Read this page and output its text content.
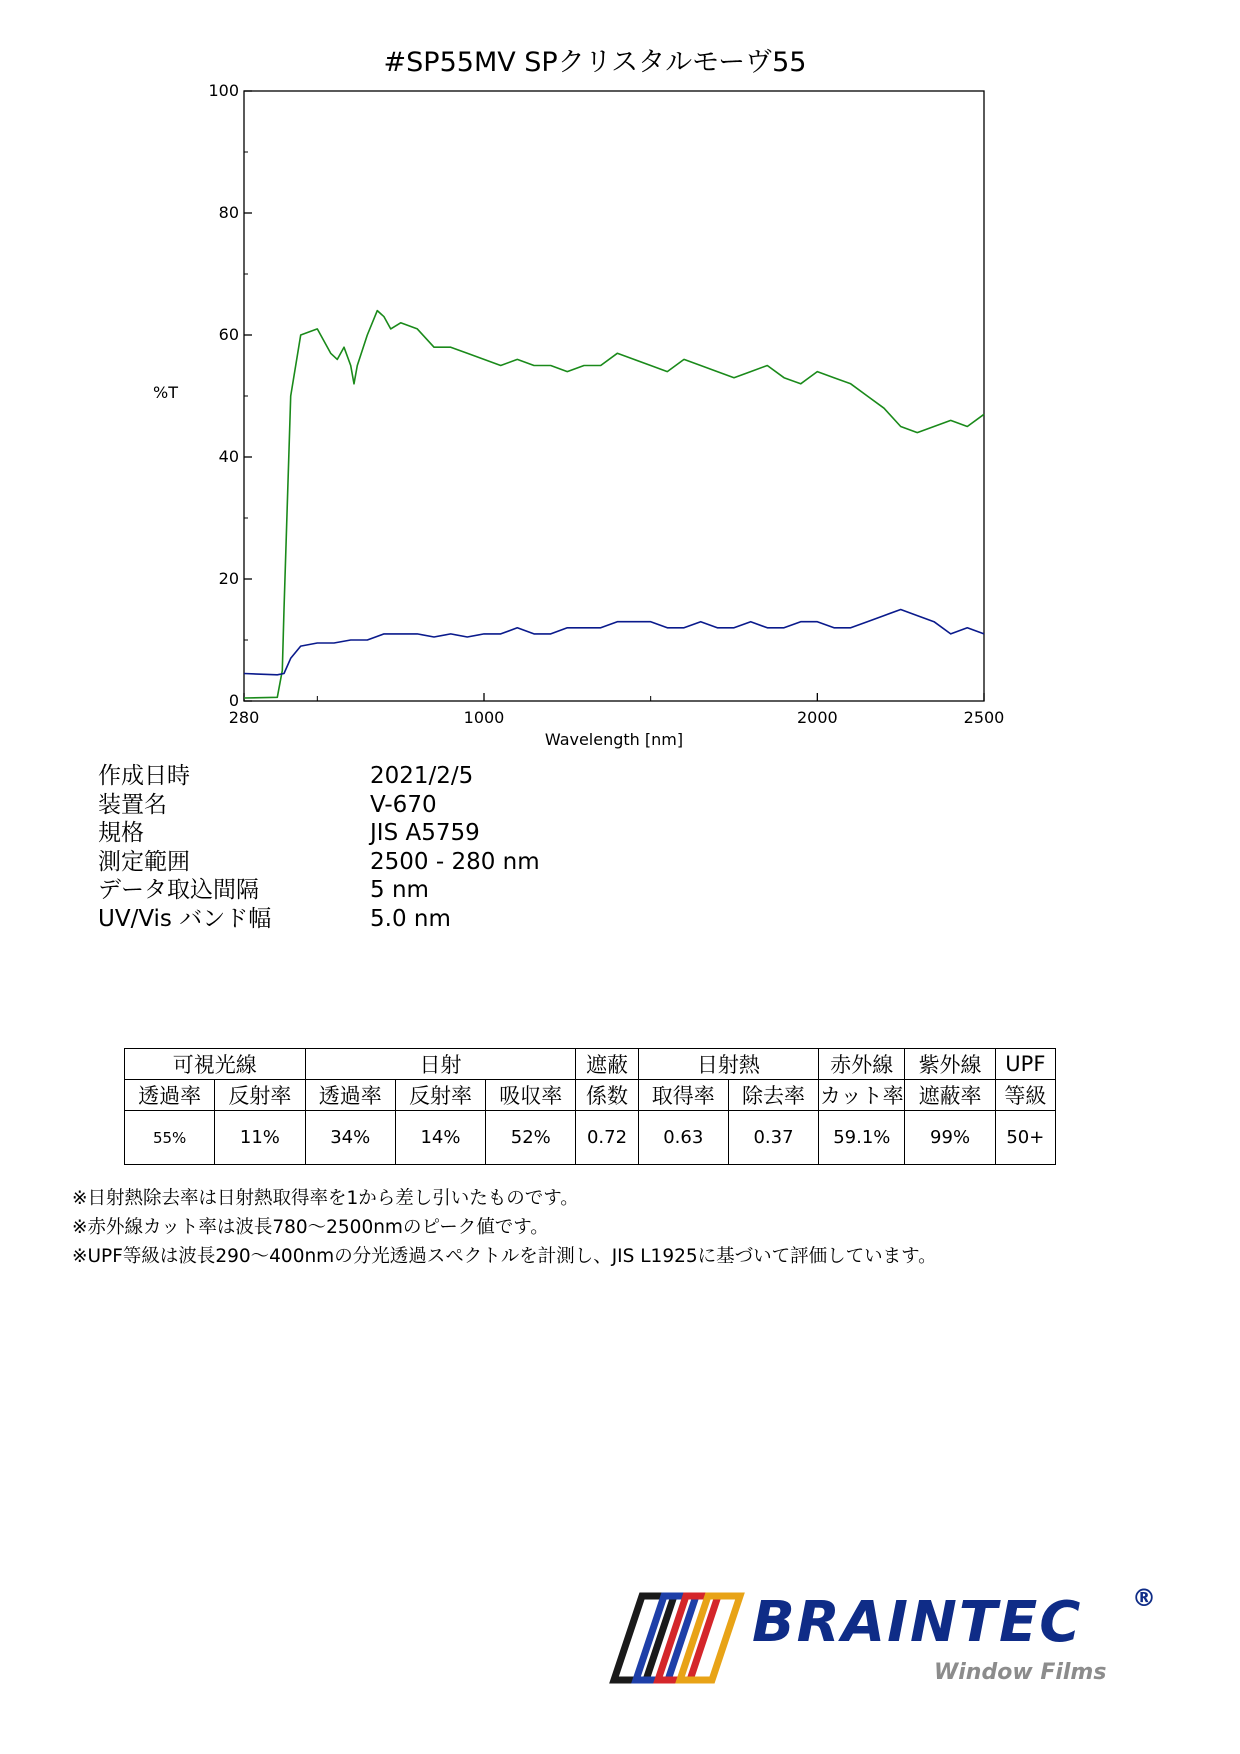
#SP55MV SPクリスタルモーヴ55
0
20
40
60
80
100
280	1000	2000	2500
%T
Wavelength [nm]
作成日時	2021/2/5
装置名	V-670
規格	JIS A5759
測定範囲	2500 - 280 nm
データ取込間隔	5 nm
UV/Vis バンド幅	5.0 nm
可視光線		日射			遮蔽	日射熱		赤外線	紫外線	UPF
透過率	反射率	透過率	反射率	吸収率	係数	取得率	除去率	カット率	遮蔽率	等級
55%	11%	34%	14%	52%	0.72	0.63	0.37	59.1%	99%	50+
※日射熱除去率は日射熱取得率を1から差し引いたものです。
※赤外線カット率は波長780～2500nmのピーク値です。
※UPF等級は波長290～400nmの分光透過スペクトルを計測し、JIS L1925に基づいて評価しています。
BRAINTEC ®
Window Films
